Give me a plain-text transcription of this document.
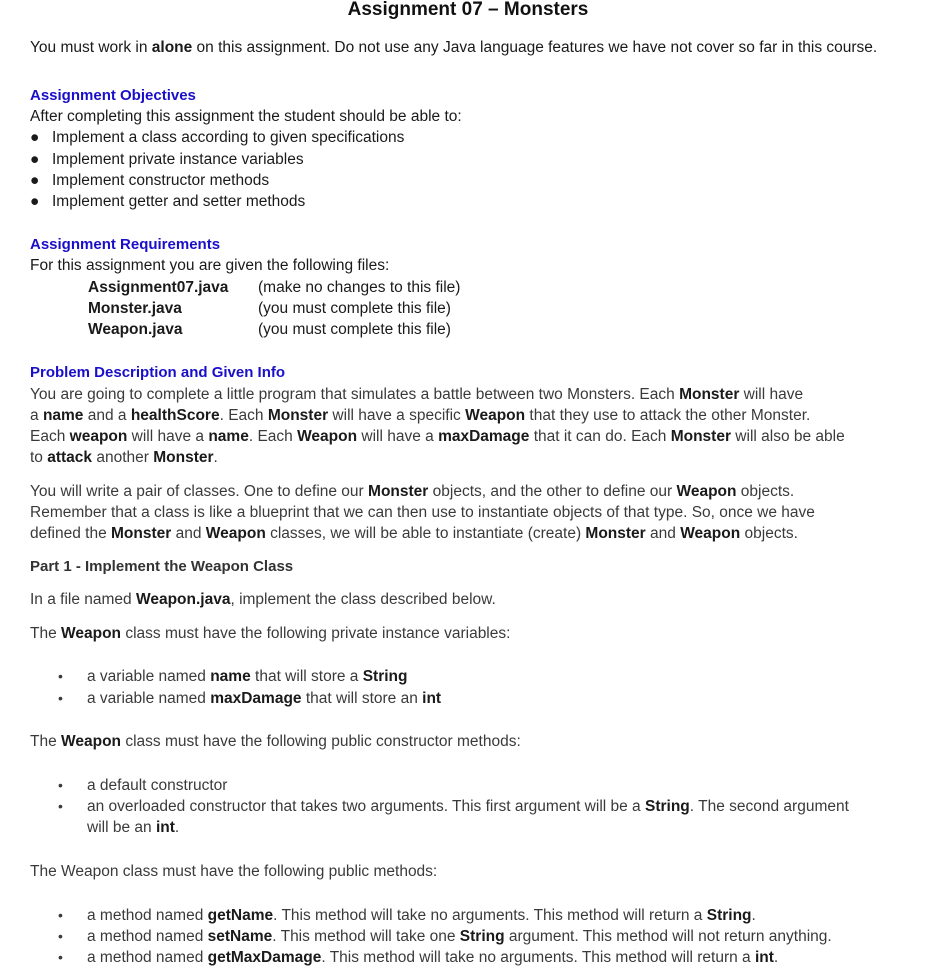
Assignment 07 – Monsters
You must work in alone on this assignment. Do not use any Java language features we have not cover so far in this course.
Assignment Objectives
After completing this assignment the student should be able to:
● Implement a class according to given specifications
● Implement private instance variables
● Implement constructor methods
● Implement getter and setter methods
Assignment Requirements
For this assignment you are given the following files:
Assignment07.java (make no changes to this file)
Monster.java	(you must complete this file)
Weapon.java	(you must complete this file)
Problem Description and Given Info
You are going to complete a little program that simulates a battle between two Monsters. Each Monster will have
a name and a healthScore. Each Monster will have a specific Weapon that they use to attack the other Monster.
Each weapon will have a name. Each Weapon will have a maxDamage that it can do. Each Monster will also be able
to attack another Monster.
You will write a pair of classes. One to define our Monster objects, and the other to define our Weapon objects.
Remember that a class is like a blueprint that we can then use to instantiate objects of that type. So, once we have
defined the Monster and Weapon classes, we will be able to instantiate (create) Monster and Weapon objects.
Part 1 - Implement the Weapon Class
In a file named Weapon.java, implement the class described below.
The Weapon class must have the following private instance variables:
• a variable named name that will store a String
• a variable named maxDamage that will store an int
The Weapon class must have the following public constructor methods:
• a default constructor
• an overloaded constructor that takes two arguments. This first argument will be a String. The second argument
will be an int.
The Weapon class must have the following public methods:
• a method named getName. This method will take no arguments. This method will return a String.
• a method named setName. This method will take one String argument. This method will not return anything.
• a method named getMaxDamage. This method will take no arguments. This method will return a int.
